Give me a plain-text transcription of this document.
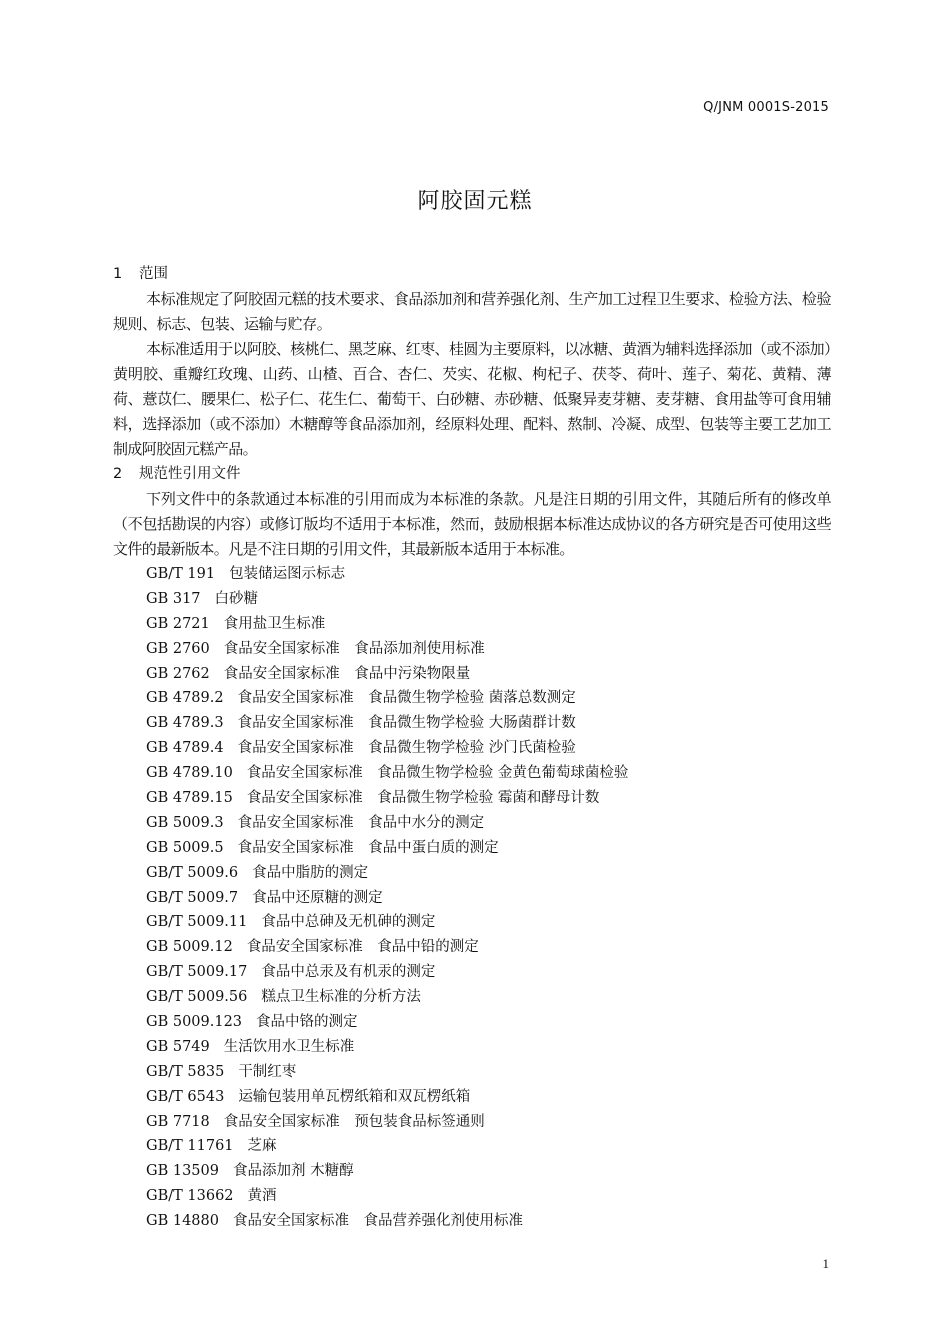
Q/JNM 0001S-2015
阿胶固元糕
1 范围

本标准规定了阿胶固元糕的技术要求、食品添加剂和营养强化剂、生产加工过程卫生要求、检验方法、检验规则、标志、包装、运输与贮存。

本标准适用于以阿胶、核桃仁、黑芝麻、红枣、桂圆为主要原料，以冰糖、黄酒为辅料选择添加（或不添加）黄明胶、重瓣红玫瑰、山药、山楂、百合、杏仁、芡实、花椒、枸杞子、茯苓、荷叶、莲子、菊花、黄精、薄荷、薏苡仁、腰果仁、松子仁、花生仁、葡萄干、白砂糖、赤砂糖、低聚异麦芽糖、麦芽糖、食用盐等可食用辅料，选择添加（或不添加）木糖醇等食品添加剂，经原料处理、配料、熬制、冷凝、成型、包装等主要工艺加工制成阿胶固元糕产品。

2 规范性引用文件

下列文件中的条款通过本标准的引用而成为本标准的条款。凡是注日期的引用文件，其随后所有的修改单（不包括勘误的内容）或修订版均不适用于本标准，然而，鼓励根据本标准达成协议的各方研究是否可使用这些文件的最新版本。凡是不注日期的引用文件，其最新版本适用于本标准。

GB/T 191 包装储运图示标志
GB 317 白砂糖
GB 2721 食用盐卫生标准
GB 2760 食品安全国家标准　食品添加剂使用标准
GB 2762 食品安全国家标准　食品中污染物限量
GB 4789.2 食品安全国家标准　食品微生物学检验 菌落总数测定
GB 4789.3 食品安全国家标准　食品微生物学检验 大肠菌群计数
GB 4789.4 食品安全国家标准　食品微生物学检验 沙门氏菌检验
GB 4789.10 食品安全国家标准　食品微生物学检验 金黄色葡萄球菌检验
GB 4789.15 食品安全国家标准　食品微生物学检验 霉菌和酵母计数
GB 5009.3 食品安全国家标准　食品中水分的测定
GB 5009.5 食品安全国家标准　食品中蛋白质的测定
GB/T 5009.6 食品中脂肪的测定
GB/T 5009.7 食品中还原糖的测定
GB/T 5009.11 食品中总砷及无机砷的测定
GB 5009.12 食品安全国家标准　食品中铅的测定
GB/T 5009.17 食品中总汞及有机汞的测定
GB/T 5009.56 糕点卫生标准的分析方法
GB 5009.123 食品中铬的测定
GB 5749 生活饮用水卫生标准
GB/T 5835 干制红枣
GB/T 6543 运输包装用单瓦楞纸箱和双瓦楞纸箱
GB 7718 食品安全国家标准　预包装食品标签通则
GB/T 11761 芝麻
GB 13509 食品添加剂 木糖醇
GB/T 13662 黄酒
GB 14880 食品安全国家标准　食品营养强化剂使用标准
1
